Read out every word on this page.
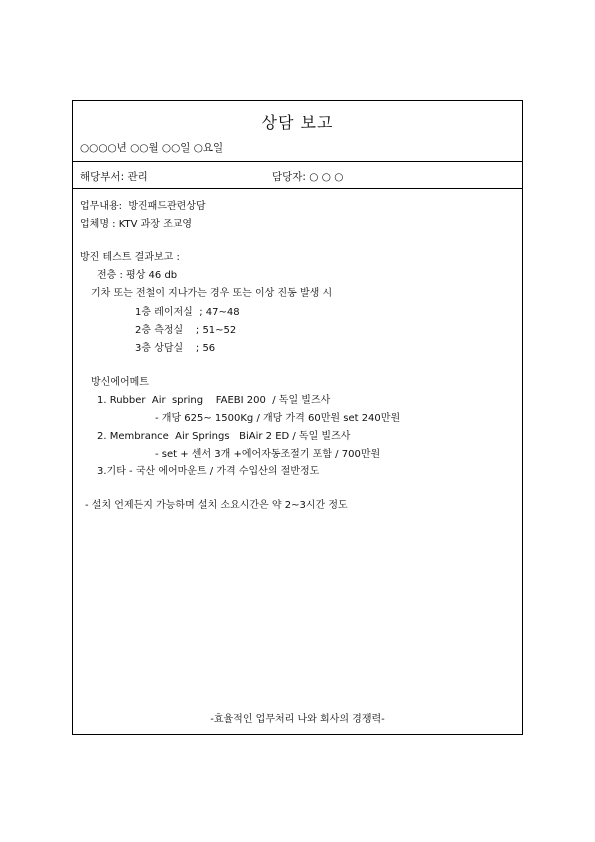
상담 보고
○○○○년 ○○월 ○○일 ○요일
해당부서: 관리	담당자: ○ ○ ○
업무내용:  방진패드관련상담
업체명 : KTV 과장 조교영
방진 테스트 결과보고 :
전층 : 평상 46 db
기차 또는 전철이 지나가는 경우 또는 이상 진동 발생 시
1층 레이저실  ; 47~48
2층 측정실    ; 51~52
3층 상담실    ; 56
방신에어메트
1. Rubber  Air  spring    FAEBI 200  / 독일 빌즈사
- 개당 625~ 1500Kg / 개당 가격 60만원 set 240만원
2. Membrance  Air Springs   BiAir 2 ED / 독일 빌즈사
- set + 센서 3개 +에어자동조절기 포함 / 700만원
3.기타 - 국산 에어마운트 / 가격 수입산의 절반정도
- 설치 언제든지 가능하며 설치 소요시간은 약 2~3시간 정도
-효율적인 업무처리 나와 회사의 경쟁력-
